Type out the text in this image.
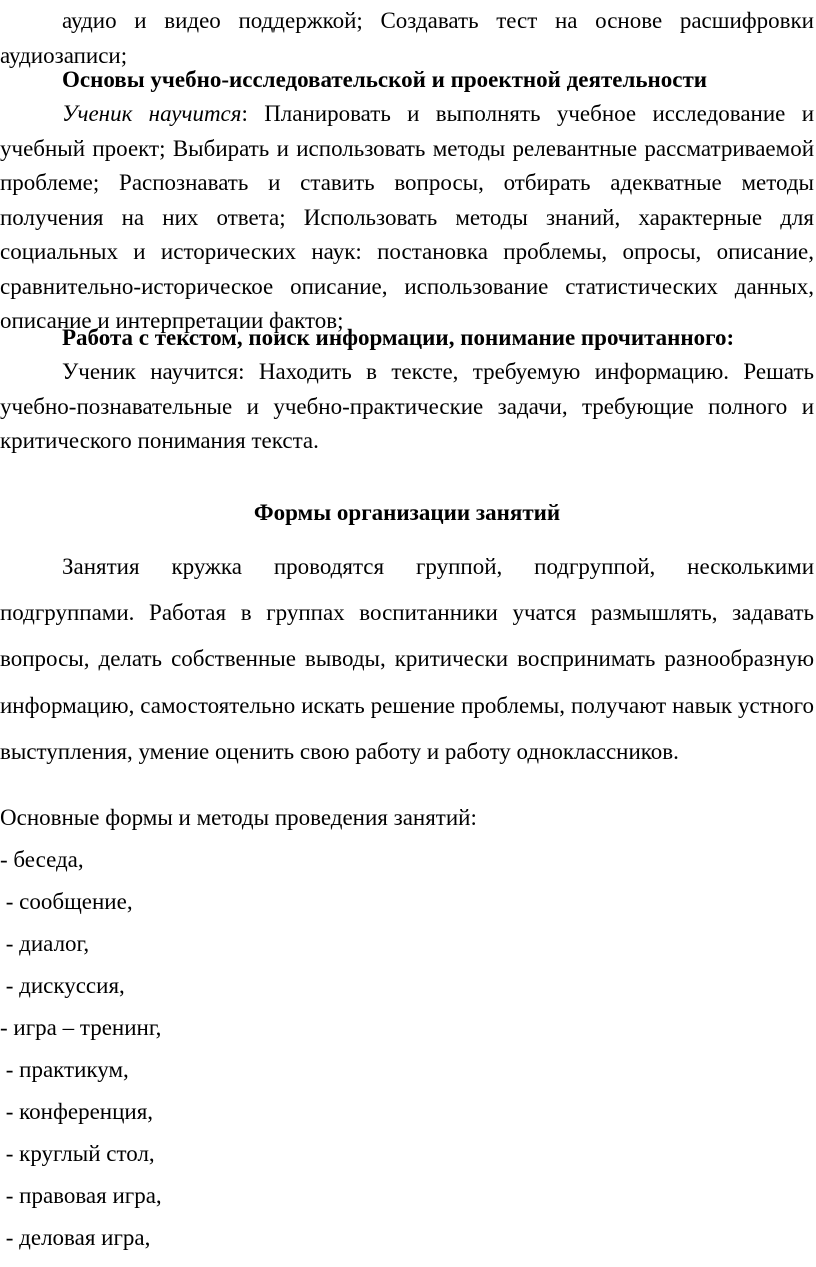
аудио и видео поддержкой; Создавать тест на основе расшифровки аудиозаписи;
Основы учебно-исследовательской и проектной деятельности
Ученик научится: Планировать и выполнять учебное исследование и учебный проект; Выбирать и использовать методы релевантные рассматриваемой проблеме; Распознавать и ставить вопросы, отбирать адекватные методы получения на них ответа; Использовать методы знаний, характерные для социальных и исторических наук: постановка проблемы, опросы, описание, сравнительно-историческое описание, использование статистических данных, описание и интерпретации фактов;
Работа с текстом, поиск информации, понимание прочитанного:
Ученик научится: Находить в тексте, требуемую информацию. Решать учебно-познавательные и учебно-практические задачи, требующие полного и критического понимания текста.
Формы организации занятий
Занятия кружка проводятся группой, подгруппой, несколькими подгруппами. Работая в группах воспитанники учатся размышлять, задавать вопросы, делать собственные выводы, критически воспринимать разнообразную информацию, самостоятельно искать решение проблемы, получают навык устного выступления, умение оценить свою работу и работу одноклассников.
Основные формы и методы проведения занятий:
- беседа,
- сообщение,
- диалог,
- дискуссия,
- игра – тренинг,
- практикум,
- конференция,
- круглый стол,
- правовая игра,
- деловая игра,
